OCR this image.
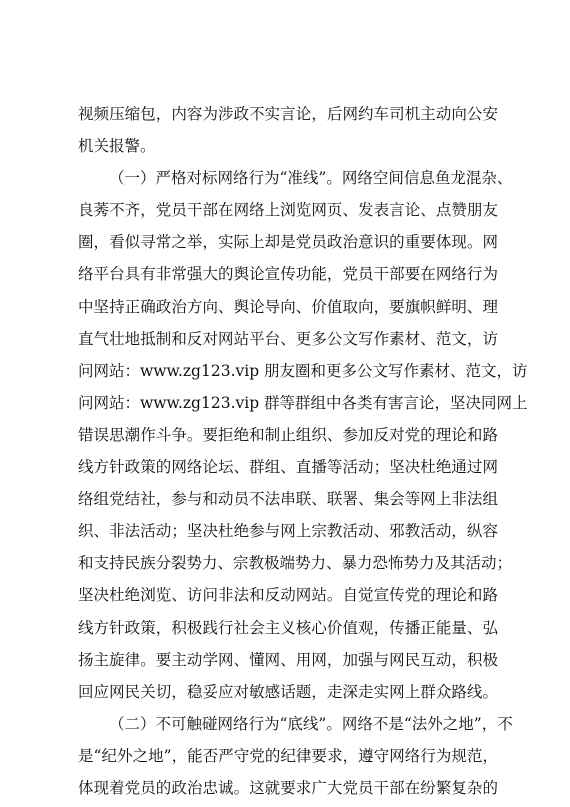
视频压缩包，内容为涉政不实言论，后网约车司机主动向公安
机关报警。
（一）严格对标网络行为“准线”。网络空间信息鱼龙混杂、
良莠不齐，党员干部在网络上浏览网页、发表言论、点赞朋友
圈，看似寻常之举，实际上却是党员政治意识的重要体现。网
络平台具有非常强大的舆论宣传功能，党员干部要在网络行为
中坚持正确政治方向、舆论导向、价值取向，要旗帜鲜明、理
直气壮地抵制和反对网站平台、更多公文写作素材、范文，访
问网站：www.zg123.vip 朋友圈和更多公文写作素材、范文，访
问网站：www.zg123.vip 群等群组中各类有害言论，坚决同网上
错误思潮作斗争。要拒绝和制止组织、参加反对党的理论和路
线方针政策的网络论坛、群组、直播等活动；坚决杜绝通过网
络组党结社，参与和动员不法串联、联署、集会等网上非法组
织、非法活动；坚决杜绝参与网上宗教活动、邪教活动，纵容
和支持民族分裂势力、宗教极端势力、暴力恐怖势力及其活动；
坚决杜绝浏览、访问非法和反动网站。自觉宣传党的理论和路
线方针政策，积极践行社会主义核心价值观，传播正能量、弘
扬主旋律。要主动学网、懂网、用网，加强与网民互动，积极
回应网民关切，稳妥应对敏感话题，走深走实网上群众路线。
（二）不可触碰网络行为“底线”。网络不是“法外之地”，不
是“纪外之地”，能否严守党的纪律要求，遵守网络行为规范，
体现着党员的政治忠诚。这就要求广大党员干部在纷繁复杂的
